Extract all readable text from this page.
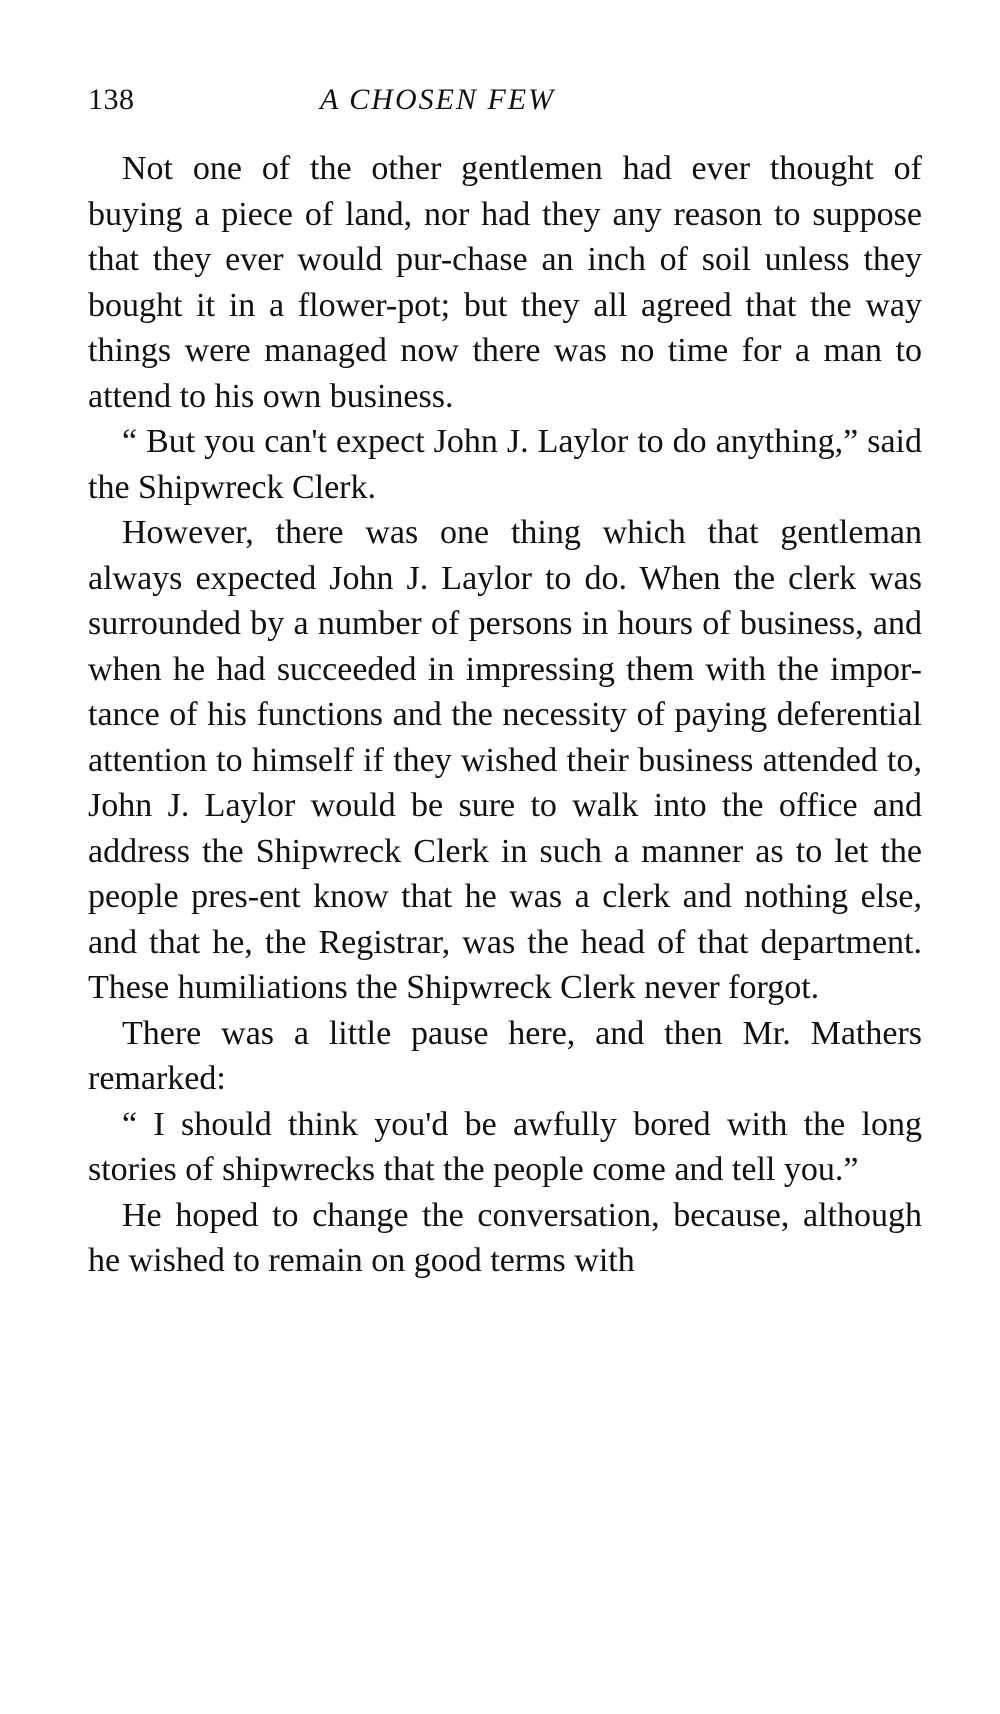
138	A CHOSEN FEW

Not one of the other gentlemen had ever thought of buying a piece of land, nor had they any reason to suppose that they ever would pur-chase an inch of soil unless they bought it in a flower-pot; but they all agreed that the way things were managed now there was no time for a man to attend to his own business.

“ But you can't expect John J. Laylor to do anything,” said the Shipwreck Clerk.

However, there was one thing which that gentleman always expected John J. Laylor to do. When the clerk was surrounded by a number of persons in hours of business, and when he had succeeded in impressing them with the impor-tance of his functions and the necessity of paying deferential attention to himself if they wished their business attended to, John J. Laylor would be sure to walk into the office and address the Shipwreck Clerk in such a manner as to let the people pres-ent know that he was a clerk and nothing else, and that he, the Registrar, was the head of that department. These humiliations the Shipwreck Clerk never forgot.

There was a little pause here, and then Mr. Mathers remarked:

“ I should think you'd be awfully bored with the long stories of shipwrecks that the people come and tell you.”

He hoped to change the conversation, because, although he wished to remain on good terms with
